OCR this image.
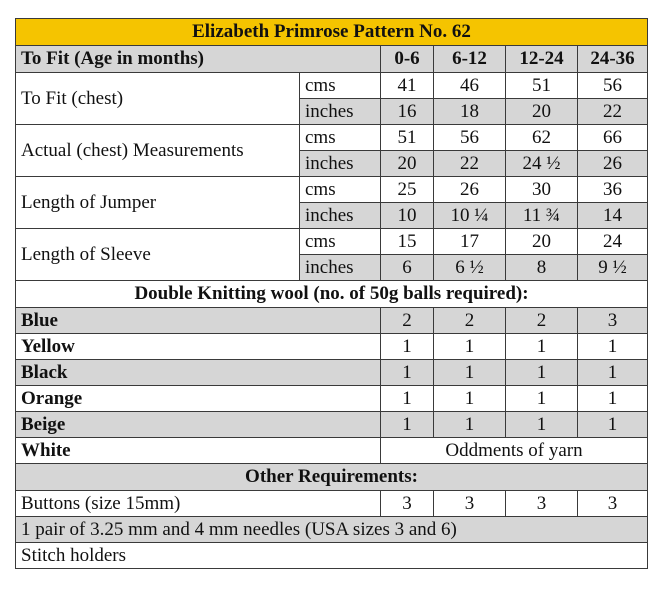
Elizabeth Primrose Pattern No. 62					
To Fit (Age in months)		0-6	6-12	12-24	24-36
To Fit (chest)	cms	41	46	51	56
	inches	16	18	20	22
Actual (chest) Measurements	cms	51	56	62	66
	inches	20	22	24 ½	26
Length of Jumper	cms	25	26	30	36
	inches	10	10 ¼	11 ¾	14
Length of Sleeve	cms	15	17	20	24
	inches	6	6 ½	8	9 ½
Double Knitting wool (no. of 50g balls required):					
Blue		2	2	2	3
Yellow		1	1	1	1
Black		1	1	1	1
Orange		1	1	1	1
Beige		1	1	1	1
White		Oddments of yarn			
Other Requirements:					
Buttons (size 15mm)		3	3	3	3
1 pair of 3.25 mm and 4 mm needles (USA sizes 3 and 6)					
Stitch holders					
